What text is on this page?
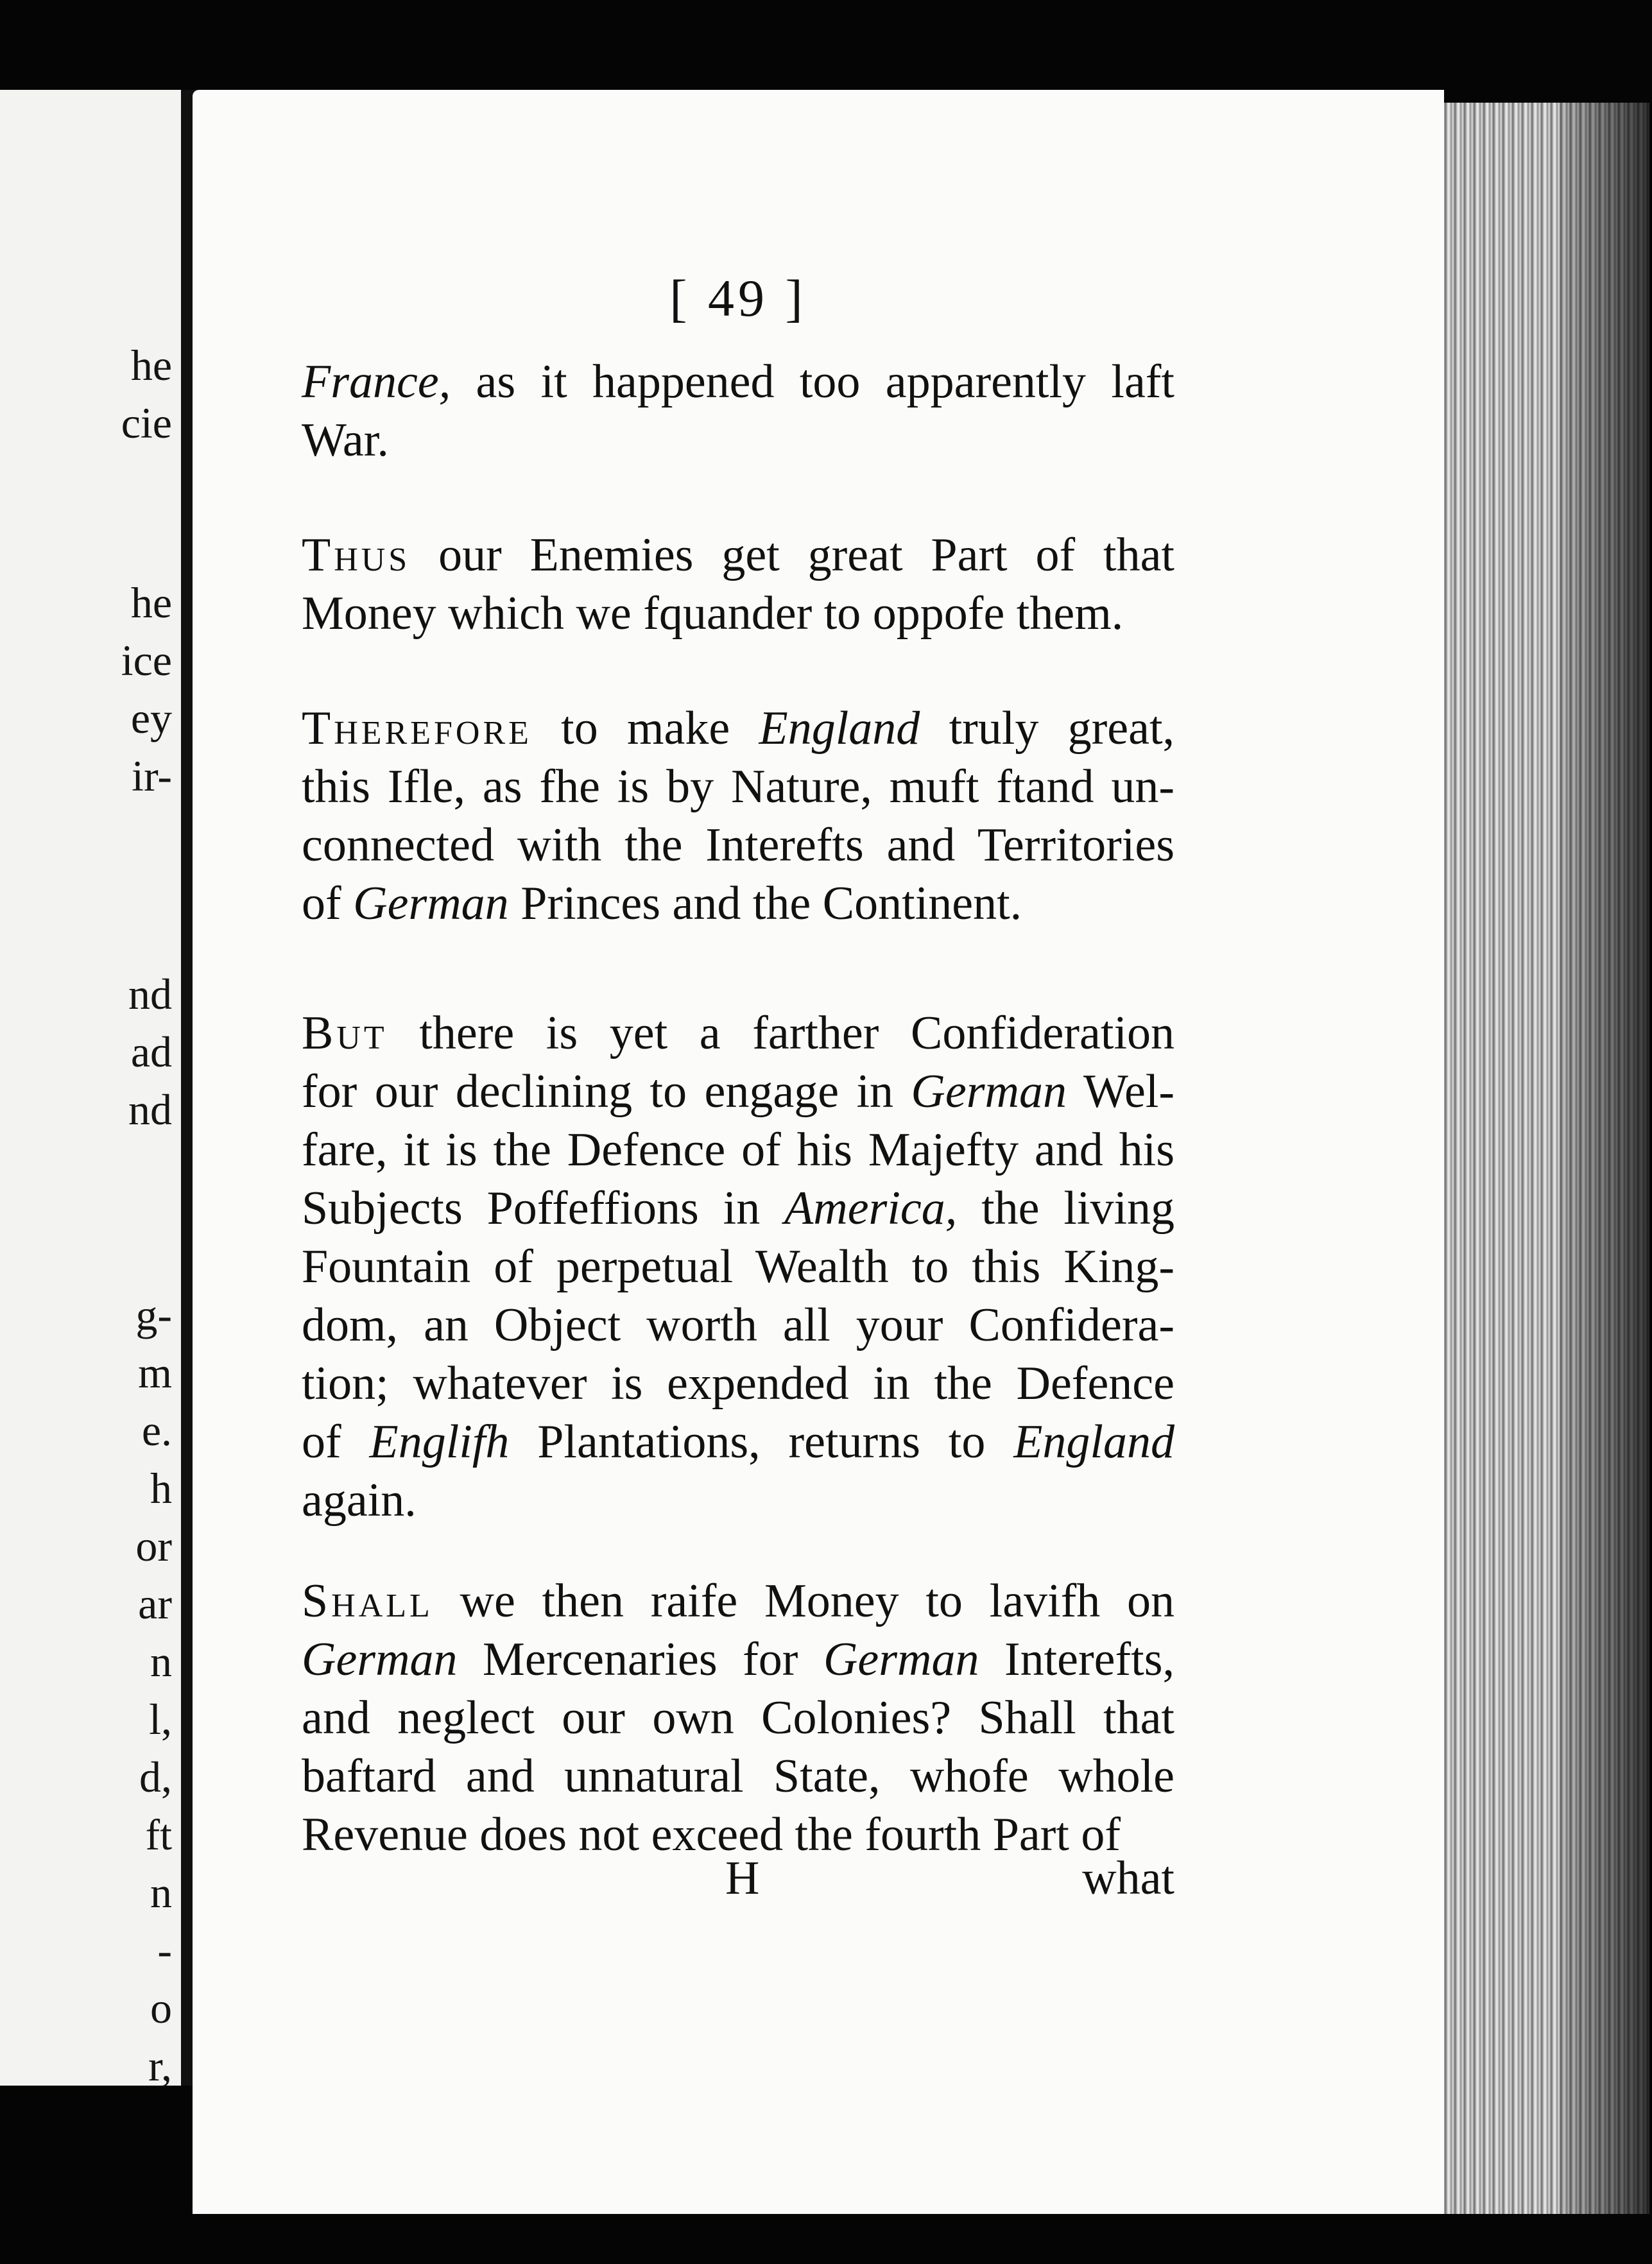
he
cie
he
ice
ey
ir-
nd
ad
nd
g-
m
e.
h
or
ar
n
l,
d,
ft
n
-
o
r,
[ 49 ]
France, as it happened too apparently laft
War.
Thus our Enemies get great Part of that
Money which we fquander to oppofe them.
Therefore to make England truly great,
this Ifle, as fhe is by Nature, muft ftand un-
connected with the Interefts and Territories
of German Princes and the Continent.
But there is yet a farther Confideration
for our declining to engage in German Wel-
fare, it is the Defence of his Majefty and his
Subjects Poffeffions in America, the living
Fountain of perpetual Wealth to this King-
dom, an Object worth all your Confidera-
tion; whatever is expended in the Defence
of Englifh Plantations, returns to England
again.
Shall we then raife Money to lavifh on
German Mercenaries for German Interefts,
and neglect our own Colonies? Shall that
baftard and unnatural State, whofe whole
Revenue does not exceed the fourth Part of
H	what
